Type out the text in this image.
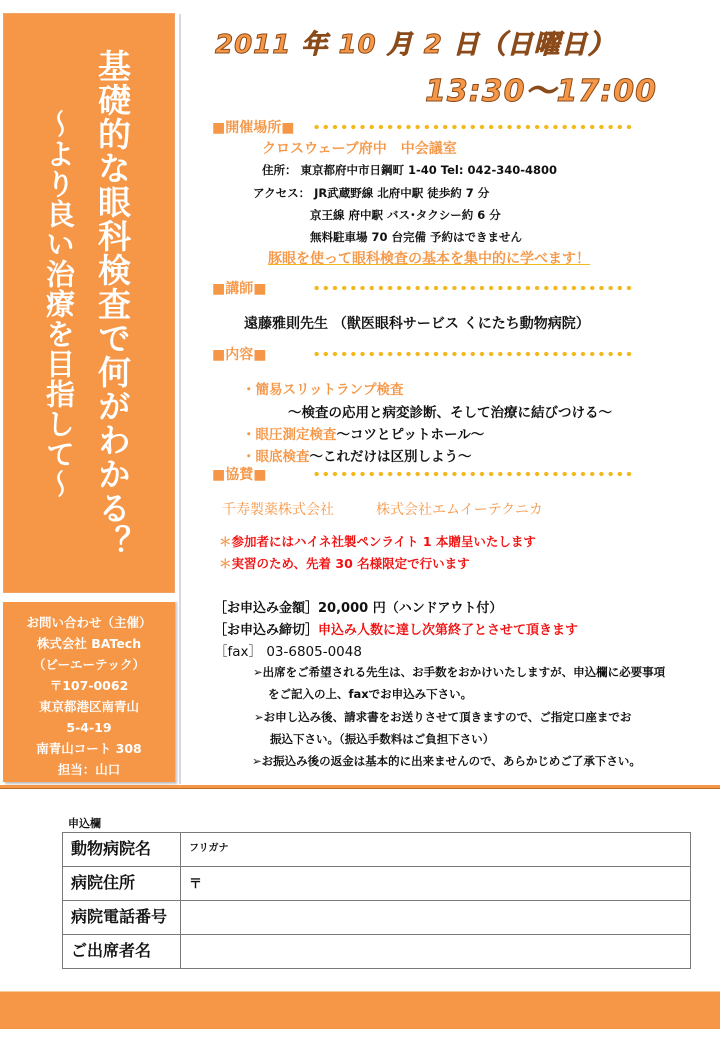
基礎的な眼科検査で何がわかる？
〜より良い治療を目指して〜
お問い合わせ（主催）
株式会社 BATech
（ビーエーテック）
〒107-0062
東京都港区南青山
5-4-19
南青山コート 308
担当：山口
2011 年 10 月 2 日（日曜日）
13:30〜17:00
■開催場所■
クロスウェーブ府中　中会議室
住所： 東京都府中市日鋼町 1-40 Tel: 042-340-4800
アクセス： JR武蔵野線 北府中駅 徒歩約 7 分
京王線 府中駅 バス･タクシー約 6 分
無料駐車場 70 台完備 予約はできません
豚眼を使って眼科検査の基本を集中的に学べます！
■講師■
遠藤雅則先生 （獣医眼科サービス くにたち動物病院）
■内容■
・簡易スリットランプ検査
〜検査の応用と病変診断、そして治療に結びつける〜
・眼圧測定検査〜コツとピットホール〜
・眼底検査〜これだけは区別しよう〜
■協賛■
千寿製薬株式会社　　　株式会社エムイーテクニカ
＊参加者にはハイネ社製ペンライト 1 本贈呈いたします
＊実習のため、先着 30 名様限定で行います
［お申込み金額］20,000 円（ハンドアウト付）
［お申込み締切］申込み人数に達し次第終了とさせて頂きます
［fax］ 03-6805-0048
➢出席をご希望される先生は、お手数をおかけいたしますが、申込欄に必要事項
をご記入の上、faxでお申込み下さい。
➢お申し込み後、請求書をお送りさせて頂きますので、ご指定口座までお
振込下さい。（振込手数料はご負担下さい）
➢お振込み後の返金は基本的に出来ませんので、あらかじめご了承下さい。
申込欄
動物病院名	フリガナ
病院住所	〒
病院電話番号	
ご出席者名	
